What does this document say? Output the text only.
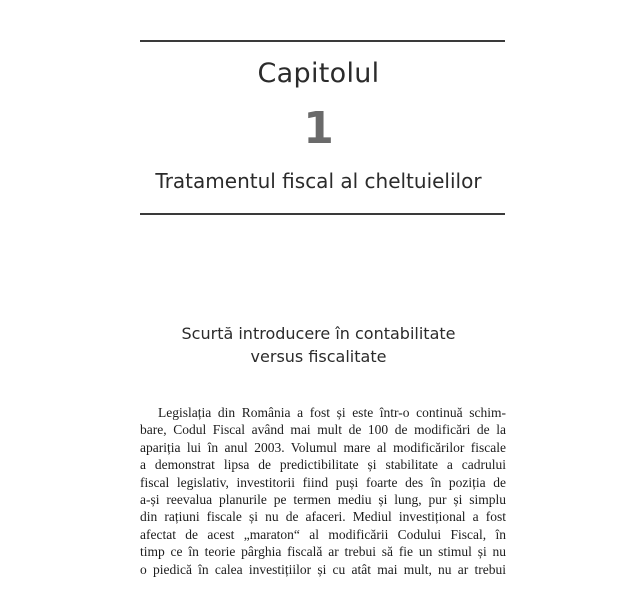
Capitolul
1
Tratamentul fiscal al cheltuielilor
Scurtă introducere în contabilitate
versus fiscalitate
Legislația din România a fost și este într-o continuă schim-
bare, Codul Fiscal având mai mult de 100 de modificări de la
apariția lui în anul 2003. Volumul mare al modificărilor fiscale
a demonstrat lipsa de predictibilitate și stabilitate a cadrului
fiscal legislativ, investitorii fiind puși foarte des în poziția de
a-și reevalua planurile pe termen mediu și lung, pur și simplu
din rațiuni fiscale și nu de afaceri. Mediul investițional a fost
afectat de acest „maraton“ al modificării Codului Fiscal, în
timp ce în teorie pârghia fiscală ar trebui să fie un stimul și nu
o piedică în calea investițiilor și cu atât mai mult, nu ar trebui
